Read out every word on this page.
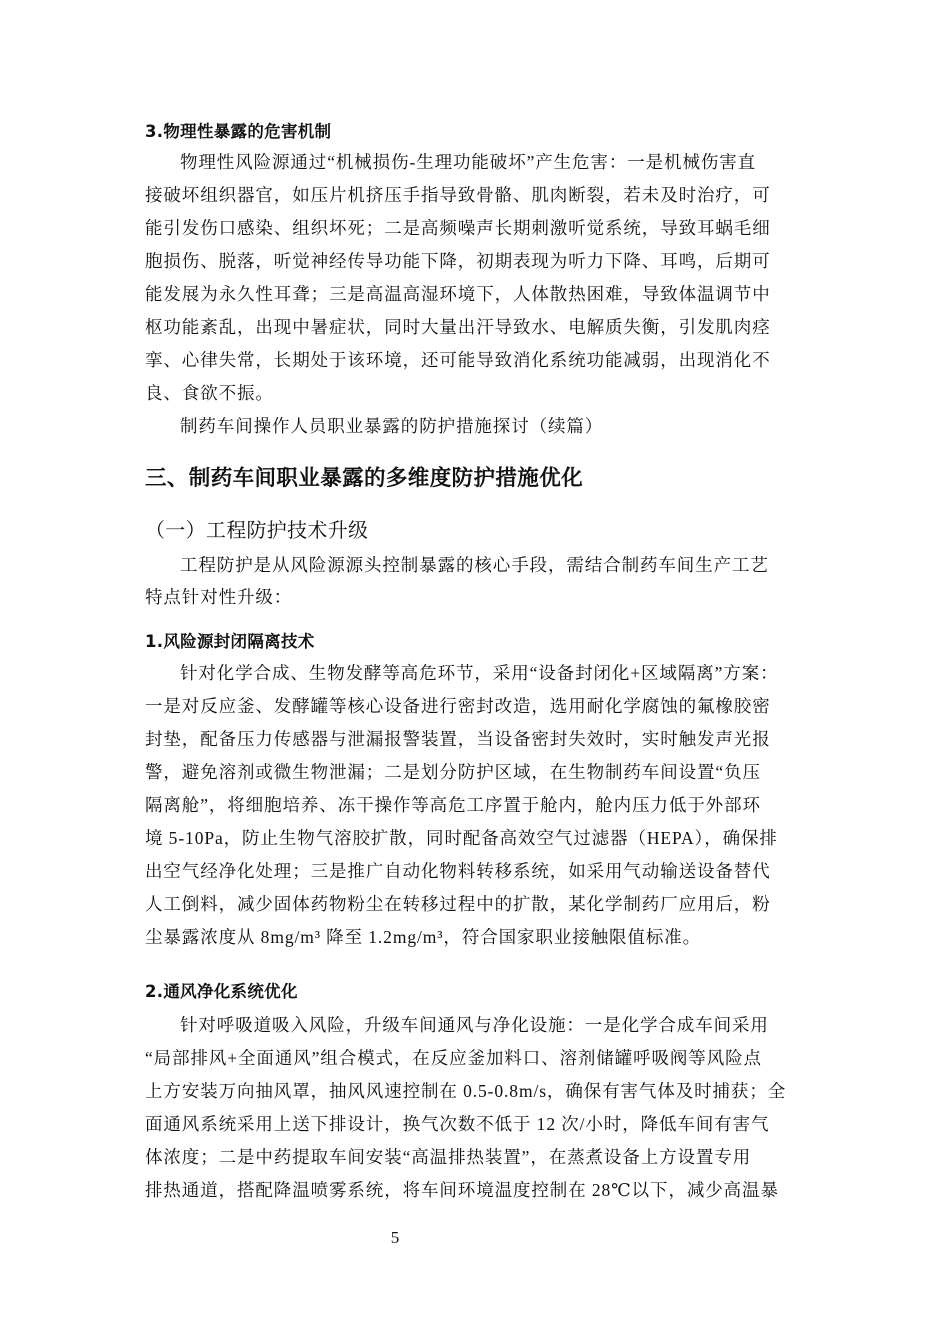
3.物理性暴露的危害机制
物理性风险源通过“机械损伤-生理功能破坏”产生危害：一是机械伤害直
接破坏组织器官，如压片机挤压手指导致骨骼、肌肉断裂，若未及时治疗，可
能引发伤口感染、组织坏死；二是高频噪声长期刺激听觉系统，导致耳蜗毛细
胞损伤、脱落，听觉神经传导功能下降，初期表现为听力下降、耳鸣，后期可
能发展为永久性耳聋；三是高温高湿环境下，人体散热困难，导致体温调节中
枢功能紊乱，出现中暑症状，同时大量出汗导致水、电解质失衡，引发肌肉痉
挛、心律失常，长期处于该环境，还可能导致消化系统功能减弱，出现消化不
良、食欲不振。
制药车间操作人员职业暴露的防护措施探讨（续篇）
三、制药车间职业暴露的多维度防护措施优化
（一）工程防护技术升级
工程防护是从风险源源头控制暴露的核心手段，需结合制药车间生产工艺
特点针对性升级：
1.风险源封闭隔离技术
针对化学合成、生物发酵等高危环节，采用“设备封闭化+区域隔离”方案：
一是对反应釜、发酵罐等核心设备进行密封改造，选用耐化学腐蚀的氟橡胶密
封垫，配备压力传感器与泄漏报警装置，当设备密封失效时，实时触发声光报
警，避免溶剂或微生物泄漏；二是划分防护区域，在生物制药车间设置“负压
隔离舱”，将细胞培养、冻干操作等高危工序置于舱内，舱内压力低于外部环
境 5-10Pa，防止生物气溶胶扩散，同时配备高效空气过滤器（HEPA），确保排
出空气经净化处理；三是推广自动化物料转移系统，如采用气动输送设备替代
人工倒料，减少固体药物粉尘在转移过程中的扩散，某化学制药厂应用后，粉
尘暴露浓度从 8mg/m³ 降至 1.2mg/m³，符合国家职业接触限值标准。
2.通风净化系统优化
针对呼吸道吸入风险，升级车间通风与净化设施：一是化学合成车间采用
“局部排风+全面通风”组合模式，在反应釜加料口、溶剂储罐呼吸阀等风险点
上方安装万向抽风罩，抽风风速控制在 0.5-0.8m/s，确保有害气体及时捕获；全
面通风系统采用上送下排设计，换气次数不低于 12 次/小时，降低车间有害气
体浓度；二是中药提取车间安装“高温排热装置”，在蒸煮设备上方设置专用
排热通道，搭配降温喷雾系统，将车间环境温度控制在 28℃以下，减少高温暴
5
